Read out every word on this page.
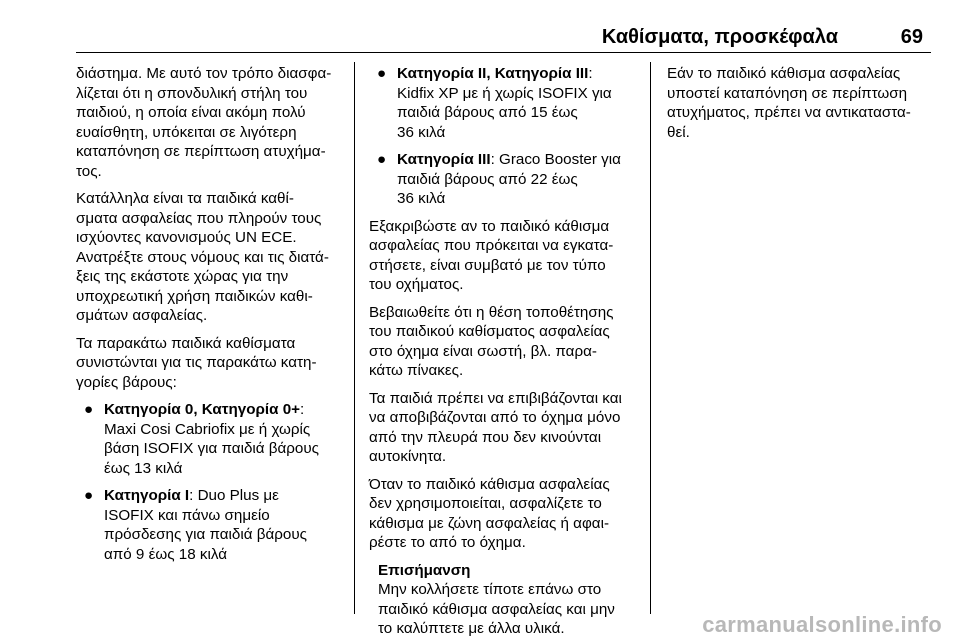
Καθίσματα, προσκέφαλα	69
διάστημα. Με αυτό τον τρόπο διασφα-
λίζεται ότι η σπονδυλική στήλη του
παιδιού, η οποία είναι ακόμη πολύ
ευαίσθητη, υπόκειται σε λιγότερη
καταπόνηση σε περίπτωση ατυχήμα-
τος.
Κατάλληλα είναι τα παιδικά καθί-
σματα ασφαλείας που πληρούν τους
ισχύοντες κανονισμούς UN ECE.
Ανατρέξτε στους νόμους και τις διατά-
ξεις της εκάστοτε χώρας για την
υποχρεωτική χρήση παιδικών καθι-
σμάτων ασφαλείας.
Τα παρακάτω παιδικά καθίσματα
συνιστώνται για τις παρακάτω κατη-
γορίες βάρους:
● Κατηγορία 0, Κατηγορία 0+:
Maxi Cosi Cabriofix με ή χωρίς
βάση ISOFIX για παιδιά βάρους
έως 13 κιλά
● Κατηγορία I: Duo Plus με
ISOFIX και πάνω σημείο
πρόσδεσης για παιδιά βάρους
από 9 έως 18 κιλά
● Κατηγορία II, Κατηγορία III:
Kidfix XP με ή χωρίς ISOFIX για
παιδιά βάρους από 15 έως
36 κιλά
● Κατηγορία III: Graco Booster για
παιδιά βάρους από 22 έως
36 κιλά
Εξακριβώστε αν το παιδικό κάθισμα
ασφαλείας που πρόκειται να εγκατα-
στήσετε, είναι συμβατό με τον τύπο
του οχήματος.
Βεβαιωθείτε ότι η θέση τοποθέτησης
του παιδικού καθίσματος ασφαλείας
στο όχημα είναι σωστή, βλ. παρα-
κάτω πίνακες.
Τα παιδιά πρέπει να επιβιβάζονται και
να αποβιβάζονται από το όχημα μόνο
από την πλευρά που δεν κινούνται
αυτοκίνητα.
Όταν το παιδικό κάθισμα ασφαλείας
δεν χρησιμοποιείται, ασφαλίζετε το
κάθισμα με ζώνη ασφαλείας ή αφαι-
ρέστε το από το όχημα.
Επισήμανση
Μην κολλήσετε τίποτε επάνω στο
παιδικό κάθισμα ασφαλείας και μην
το καλύπτετε με άλλα υλικά.
Εάν το παιδικό κάθισμα ασφαλείας
υποστεί καταπόνηση σε περίπτωση
ατυχήματος, πρέπει να αντικαταστα-
θεί.
carmanualsonline.info
